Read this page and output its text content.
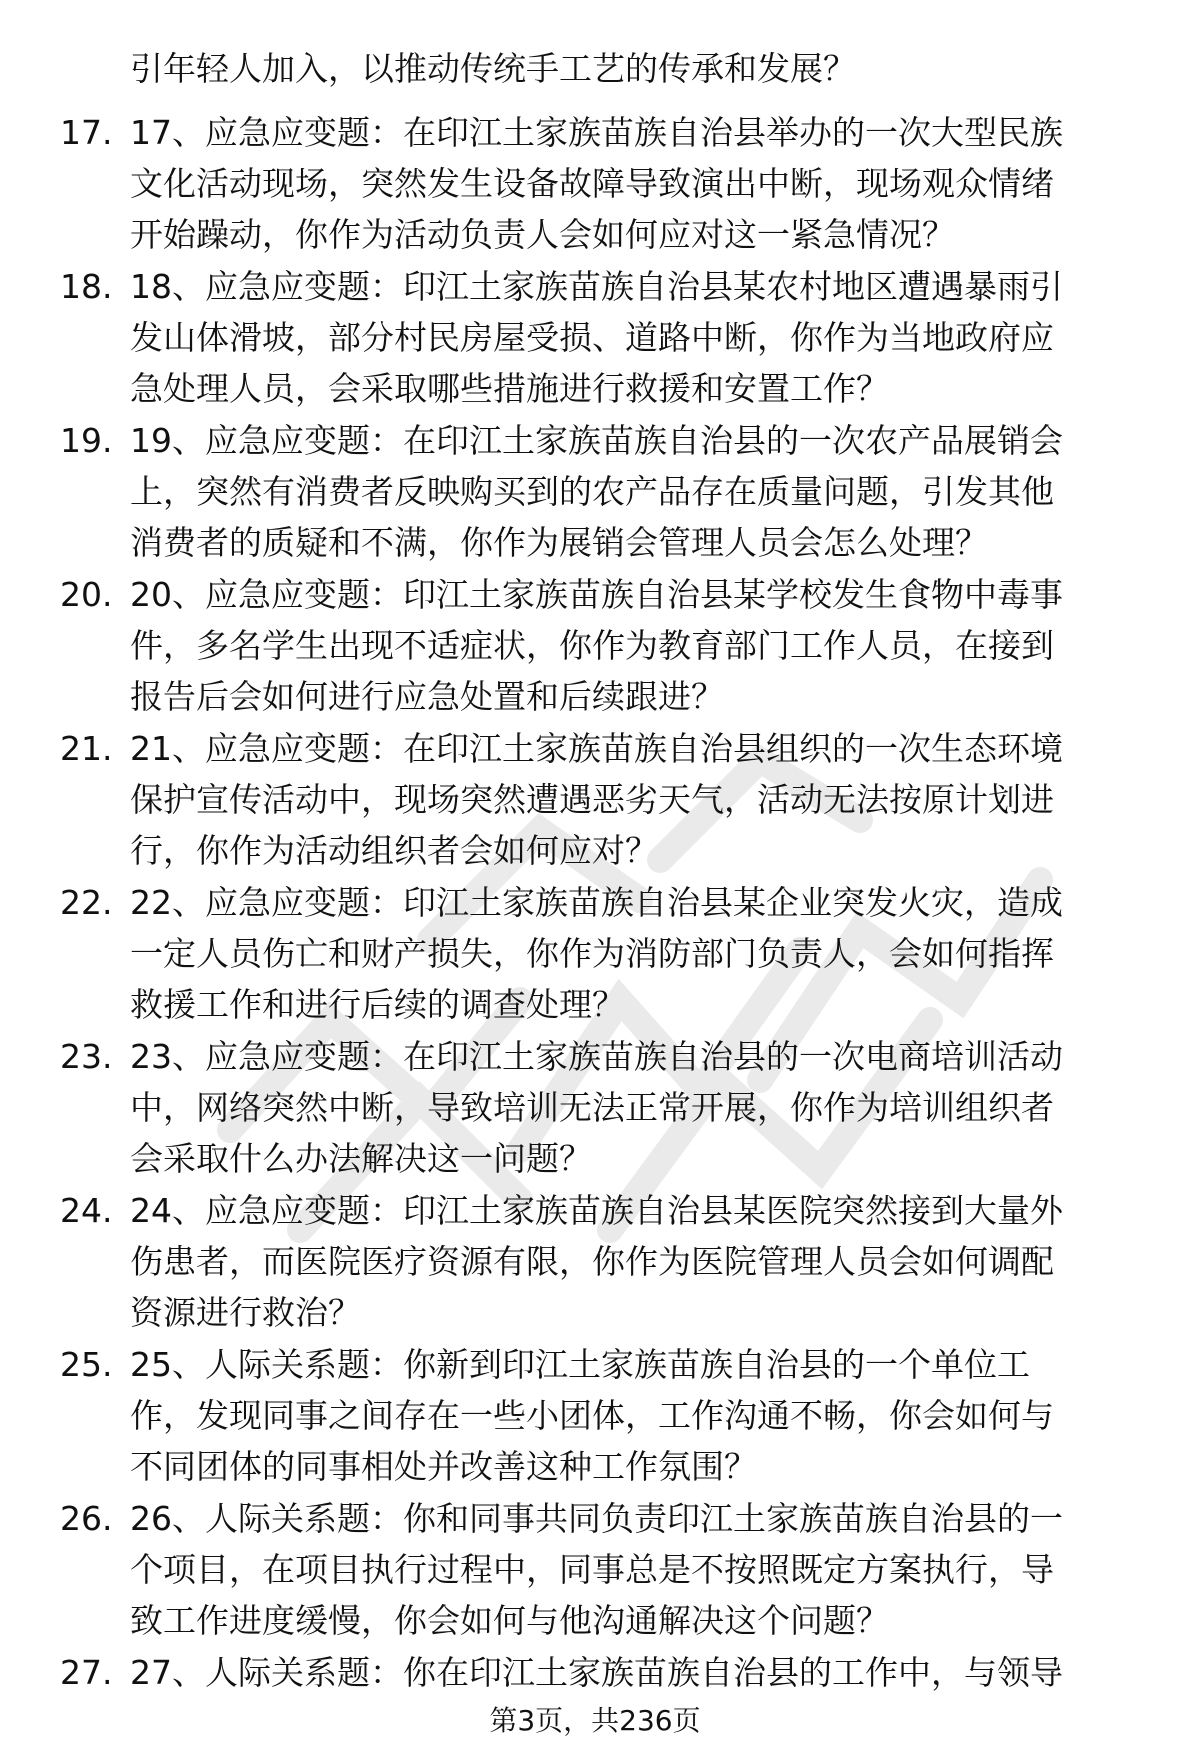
引年轻人加入，以推动传统手工艺的传承和发展？
17. 17、应急应变题：在印江土家族苗族自治县举办的一次大型民族
文化活动现场，突然发生设备故障导致演出中断，现场观众情绪
开始躁动，你作为活动负责人会如何应对这一紧急情况？
18. 18、应急应变题：印江土家族苗族自治县某农村地区遭遇暴雨引
发山体滑坡，部分村民房屋受损、道路中断，你作为当地政府应
急处理人员，会采取哪些措施进行救援和安置工作？
19. 19、应急应变题：在印江土家族苗族自治县的一次农产品展销会
上，突然有消费者反映购买到的农产品存在质量问题，引发其他
消费者的质疑和不满，你作为展销会管理人员会怎么处理？
20. 20、应急应变题：印江土家族苗族自治县某学校发生食物中毒事
件，多名学生出现不适症状，你作为教育部门工作人员，在接到
报告后会如何进行应急处置和后续跟进？
21. 21、应急应变题：在印江土家族苗族自治县组织的一次生态环境
保护宣传活动中，现场突然遭遇恶劣天气，活动无法按原计划进
行，你作为活动组织者会如何应对？
22. 22、应急应变题：印江土家族苗族自治县某企业突发火灾，造成
一定人员伤亡和财产损失，你作为消防部门负责人，会如何指挥
救援工作和进行后续的调查处理？
23. 23、应急应变题：在印江土家族苗族自治县的一次电商培训活动
中，网络突然中断，导致培训无法正常开展，你作为培训组织者
会采取什么办法解决这一问题？
24. 24、应急应变题：印江土家族苗族自治县某医院突然接到大量外
伤患者，而医院医疗资源有限，你作为医院管理人员会如何调配
资源进行救治？
25. 25、人际关系题：你新到印江土家族苗族自治县的一个单位工
作，发现同事之间存在一些小团体，工作沟通不畅，你会如何与
不同团体的同事相处并改善这种工作氛围？
26. 26、人际关系题：你和同事共同负责印江土家族苗族自治县的一
个项目，在项目执行过程中，同事总是不按照既定方案执行，导
致工作进度缓慢，你会如何与他沟通解决这个问题？
27. 27、人际关系题：你在印江土家族苗族自治县的工作中，与领导
第3页，共236页
